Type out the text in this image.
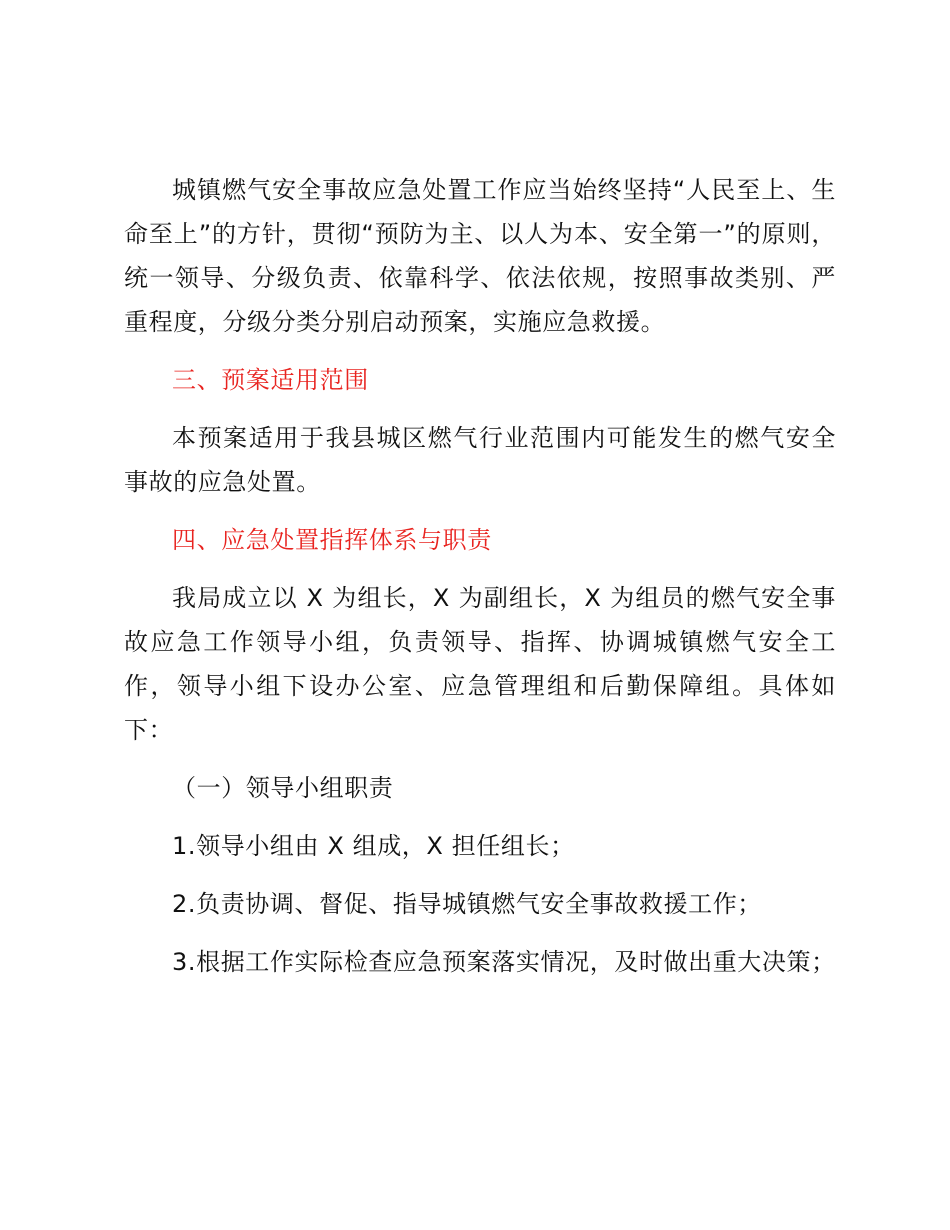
城镇燃气安全事故应急处置工作应当始终坚持“人民至上、生命至上”的方针，贯彻“预防为主、以人为本、安全第一”的原则，统一领导、分级负责、依靠科学、依法依规，按照事故类别、严重程度，分级分类分别启动预案，实施应急救援。

三、预案适用范围

本预案适用于我县城区燃气行业范围内可能发生的燃气安全事故的应急处置。

四、应急处置指挥体系与职责

我局成立以 X 为组长，X 为副组长，X 为组员的燃气安全事故应急工作领导小组，负责领导、指挥、协调城镇燃气安全工作，领导小组下设办公室、应急管理组和后勤保障组。具体如下：

（一）领导小组职责

1.领导小组由 X 组成，X 担任组长；

2.负责协调、督促、指导城镇燃气安全事故救援工作；

3.根据工作实际检查应急预案落实情况，及时做出重大决策；
